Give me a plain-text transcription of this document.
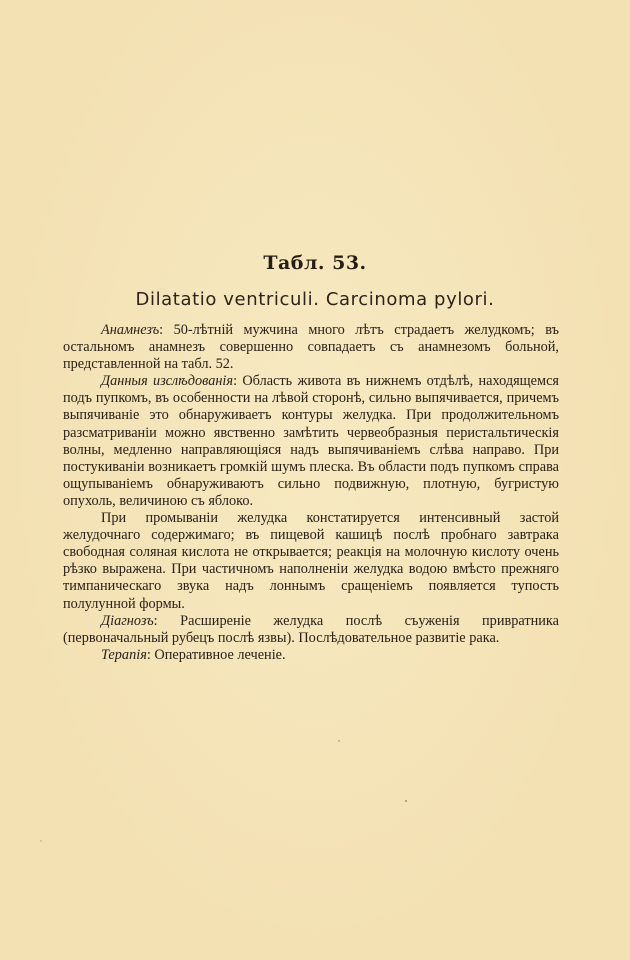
Табл. 53.
Dilatatio ventriculi. Carcinoma pylori.

Анамнезъ: 50-лѣтній мужчина много лѣтъ страдаетъ желудкомъ; въ остальномъ анамнезъ совершенно совпадаетъ съ анамнезомъ больной, представленной на табл. 52.

Данныя изслѣдованія: Область живота въ нижнемъ отдѣлѣ, находящемся подъ пупкомъ, въ особенности на лѣвой сторонѣ, сильно выпячивается, причемъ выпячиваніе это обнаруживаетъ контуры желудка. При продолжительномъ разсматриваніи можно явственно замѣтить червеобразныя перистальтическія волны, медленно направляющіяся надъ выпячиваніемъ слѣва направо. При постукиваніи возникаетъ громкій шумъ плеска. Въ области подъ пупкомъ справа ощупываніемъ обнаруживаютъ сильно подвижную, плотную, бугристую опухоль, величиною съ яблоко.

При промываніи желудка констатируется интенсивный застой желудочнаго содержимаго; въ пищевой кашицѣ послѣ пробнаго завтрака свободная соляная кислота не открывается; реакція на молочную кислоту очень рѣзко выражена. При частичномъ наполненіи желудка водою вмѣсто прежняго тимпаническаго звука надъ лоннымъ сращеніемъ появляется тупость полулунной формы.

Діагнозъ: Расширеніе желудка послѣ съуженія привратника (первоначальный рубецъ послѣ язвы). Послѣдовательное развитіе рака.

Терапія: Оперативное леченіе.
